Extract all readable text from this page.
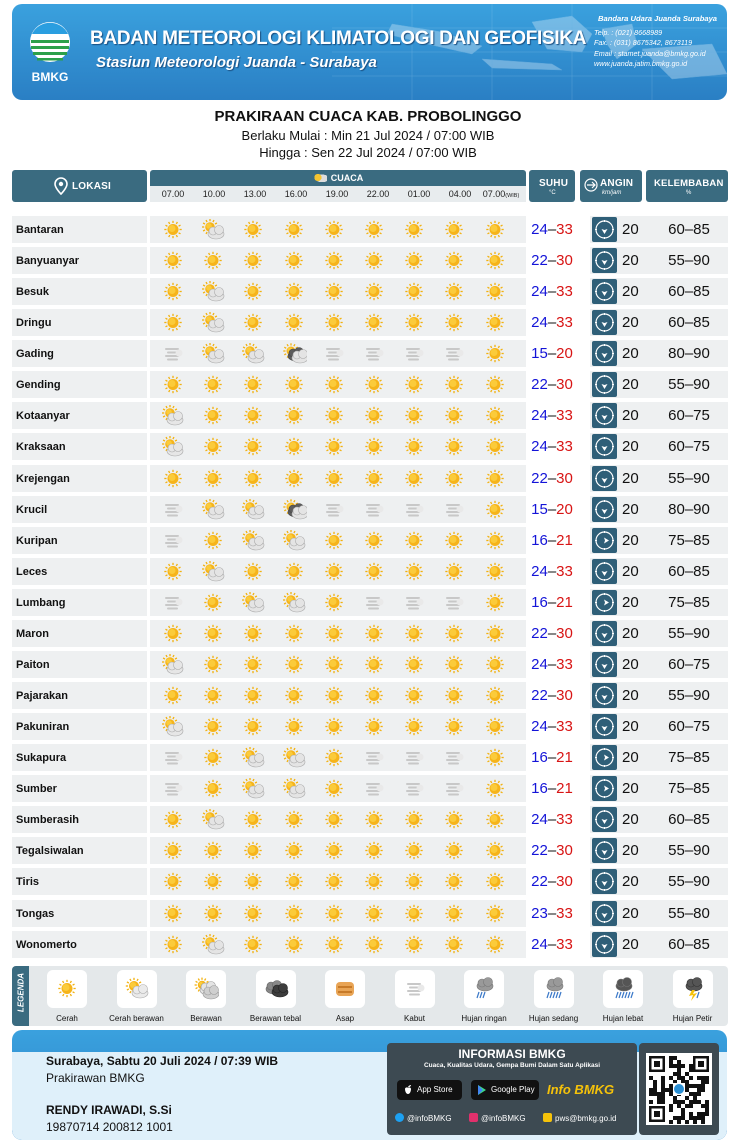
BMKG
BADAN METEOROLOGI KLIMATOLOGI DAN GEOFISIKA
Stasiun Meteorologi Juanda - Surabaya
Bandara Udara Juanda Surabaya
Telp. : (021) 8668989
Fax. : (031) 8675342, 8673119
Email : stamet.juanda@bmkg.go.id
www.juanda.jatim.bmkg.go.id
PRAKIRAAN CUACA KAB. PROBOLINGGO
Berlaku Mulai : Min 21 Jul 2024 / 07:00 WIB
Hingga : Sen 22 Jul 2024 / 07:00 WIB
LOKASI
CUACA
07.00	10.00	13.00	16.00	19.00	22.00	01.00	04.00	07.00(WIB)
SUHU
°C
ANGIN
km/jam
KELEMBABAN
%
Bantaran	24–33	20	60–85
Banyuanyar	22–30	20	55–90
Besuk	24–33	20	60–85
Dringu	24–33	20	60–85
Gading	15–20	20	80–90
Gending	22–30	20	55–90
Kotaanyar	24–33	20	60–75
Kraksaan	24–33	20	60–75
Krejengan	22–30	20	55–90
Krucil	15–20	20	80–90
Kuripan	16–21	20	75–85
Leces	24–33	20	60–85
Lumbang	16–21	20	75–85
Maron	22–30	20	55–90
Paiton	24–33	20	60–75
Pajarakan	22–30	20	55–90
Pakuniran	24–33	20	60–75
Sukapura	16–21	20	75–85
Sumber	16–21	20	75–85
Sumberasih	24–33	20	60–85
Tegalsiwalan	22–30	20	55–90
Tiris	22–30	20	55–90
Tongas	23–33	20	55–80
Wonomerto	24–33	20	60–85
LEGENDA
Cerah	Cerah berawan	Berawan	Berawan tebal	Asap	Kabut	Hujan ringan	Hujan sedang	Hujan lebat	Hujan Petir
Surabaya, Sabtu 20 Juli 2024 / 07:39 WIB
Prakirawan BMKG
RENDY IRAWADI, S.Si
19870714 200812 1001
INFORMASI BMKG
Cuaca, Kualitas Udara, Gempa Bumi Dalam Satu Aplikasi
App Store	Google Play Info BMKG
@infoBMKG	@infoBMKG	pws@bmkg.go.id
